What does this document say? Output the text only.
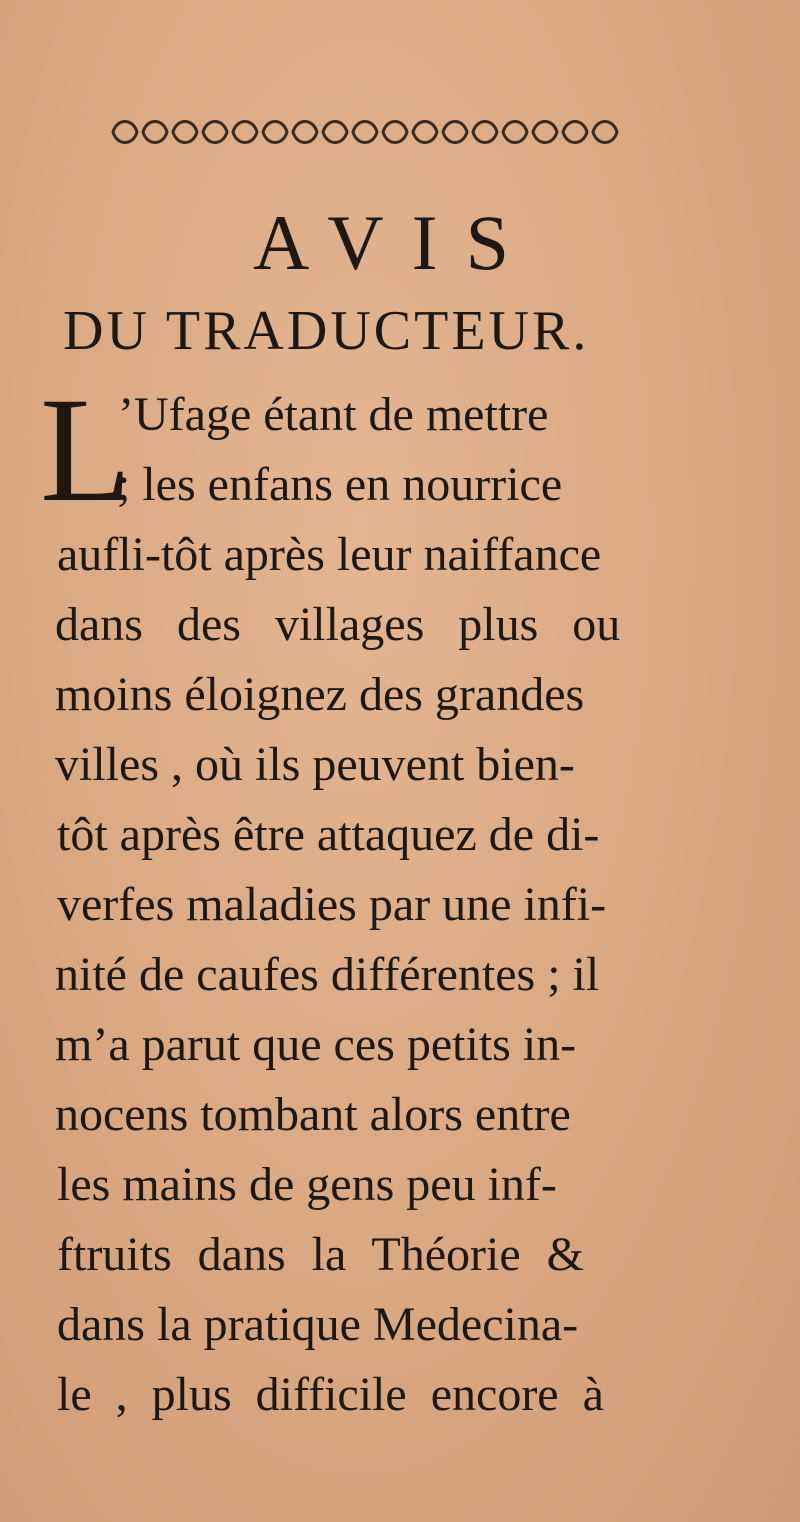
AVIS
DU TRADUCTEUR.
L
’Ufage étant de mettre
; les enfans en nourrice
aufli-tôt après leur naiffance
dans des villages plus ou
moins éloignez des grandes
villes , où ils peuvent bien-
tôt après être attaquez de di-
verfes maladies par une infi-
nité de caufes différentes ; il
m’a parut que ces petits in-
nocens tombant alors entre
les mains de gens peu inf-
ftruits dans la Théorie &
dans la pratique Medecina-
le , plus difficile encore à
